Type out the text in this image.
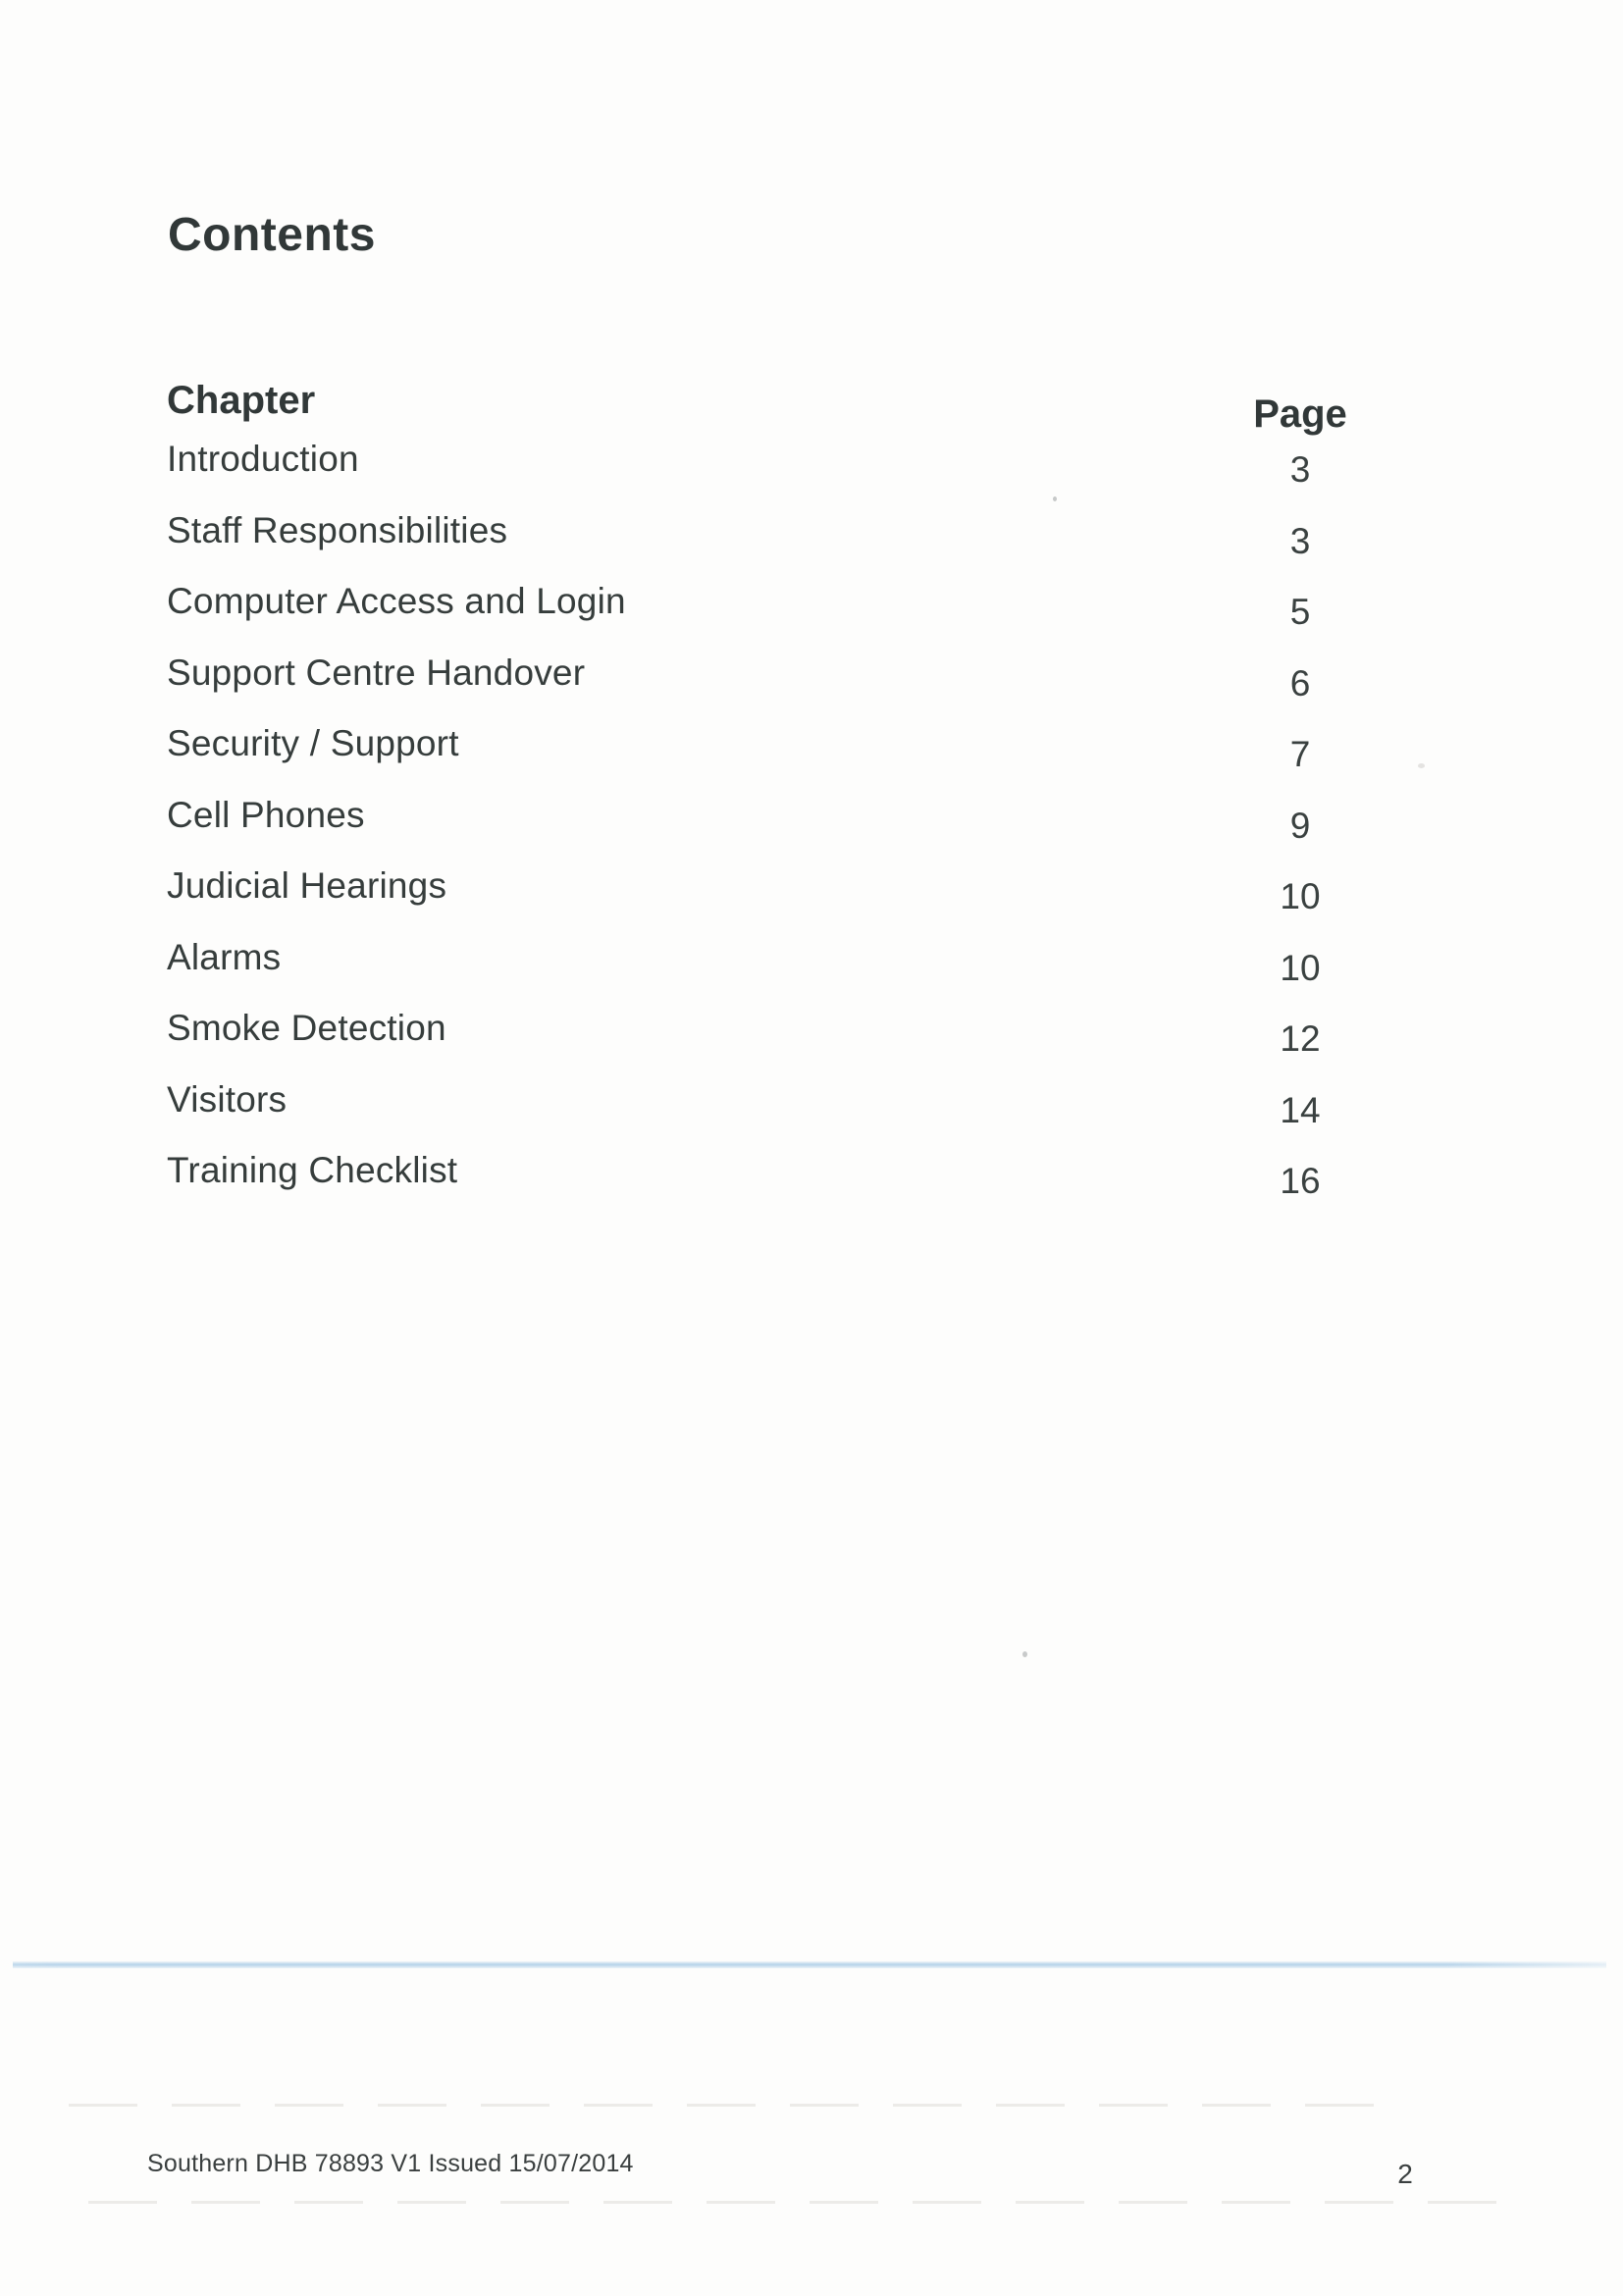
Contents
Chapter	Page
Introduction	3
Staff Responsibilities	3
Computer Access and Login	5
Support Centre Handover	6
Security / Support	7
Cell Phones	9
Judicial Hearings	10
Alarms	10
Smoke Detection	12
Visitors	14
Training Checklist	16
Southern DHB 78893 V1 Issued 15/07/2014	2
